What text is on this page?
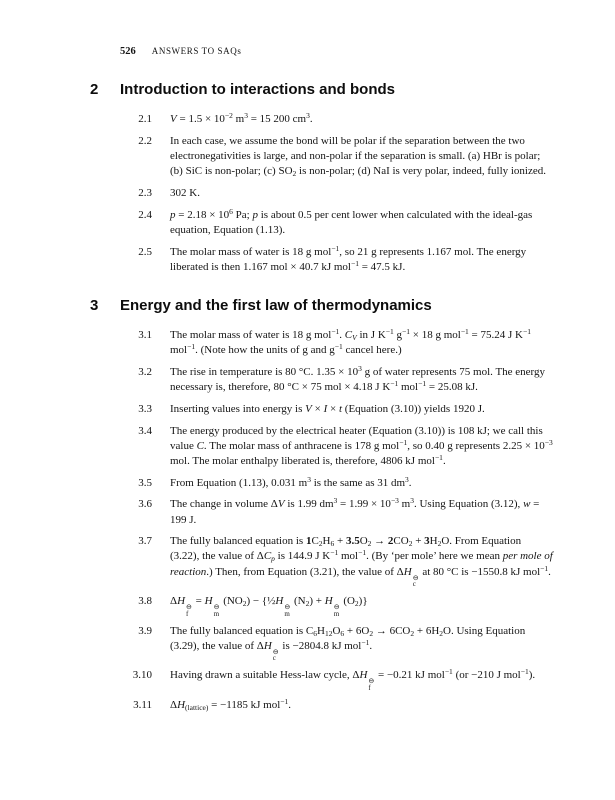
526 ANSWERS TO SAQs
2	Introduction to interactions and bonds
2.1 $V = 1.5 \times 10^{-2}$ $m^3 = 15$ 200 $cm^3$.
2.2 In each case, we assume the bond will be polar if the separation between the two electronegativities is large, and non-polar if the separation is small. (a) HBr is polar; (b) SiC is non-polar; (c) $SO_2$ is non-polar; (d) NaI is very polar, indeed, fully ionized.
2.3 302 K.
2.4 $p = 2.18 \times 10^6$ Pa; p is about 0.5 per cent lower when calculated with the ideal-gas equation, Equation (1.13).
2.5 The molar mass of water is 18 g mol$^{-1}$, so 21 g represents 1.167 mol. The energy liberated is then 1.167 mol × 40.7 kJ mol$^{-1}$ = 47.5 kJ.
3	Energy and the first law of thermodynamics
3.1 The molar mass of water is 18 g mol$^{-1}$. $C_V$ in J $K^{-1}$ $g^{-1} \times 18$ g mol$^{-1}$ = 75.24 J $K^{-1}$ mol$^{-1}$. (Note how the units of g and $g^{-1}$ cancel here.)
3.2 The rise in temperature is 80 °C. $1.35 \times 10^3$ g of water represents 75 mol. The energy necessary is, therefore, 80 °C × 75 mol × 4.18 J $K^{-1}$ mol$^{-1}$ = 25.08 kJ.
3.3 Inserting values into energy is V × I × t (Equation (3.10)) yields 1920 J.
3.4 The energy produced by the electrical heater (Equation (3.10)) is 108 kJ; we call this value C. The molar mass of anthracene is 178 g mol$^{-1}$, so 0.40 g represents $2.25 \times 10^{-3}$ mol. The molar enthalpy liberated is, therefore, 4806 kJ mol$^{-1}$.
3.5 From Equation (1.13), 0.031 $m^3$ is the same as 31 $dm^3$.
3.6 The change in volume ΔV is 1.99 $dm^3 = 1.99 \times 10^{-3}$ $m^3$. Using Equation (3.12), w = 199 J.
3.7 The fully balanced equation is $1C_2H_6 + 3.5O_2 \to 2CO_2 + 3H_2O$. From Equation (3.22), the value of $\Delta C_p$ is 144.9 J $K^{-1}$ mol$^{-1}$. (By ‘per mole’ here we mean per mole of reaction.) Then, from Equation (3.21), the value of ΔH ⊖
c
at 80 °C is −1550.8 kJ mol$^{-1}$.
3.8 ΔH ⊖
f
= H ⊖
m
$(NO_2)$ − {½H ⊖
m
$(N_2) + H$ ⊖
m
$(O_2)$}
3.9 The fully balanced equation is $C_6H_{12}O_6 + 6O_2 \to 6CO_2 + 6H_2O$. Using Equation (3.29), the value of ΔH ⊖
c
is −2804.8 kJ mol$^{-1}$.
3.10 Having drawn a suitable Hess-law cycle, ΔH ⊖
f
= −0.21 kJ mol$^{-1}$ (or −210 J mol$^{-1}$).
3.11 $\Delta H_{(lattice)} = -1185$ kJ mol$^{-1}$.
